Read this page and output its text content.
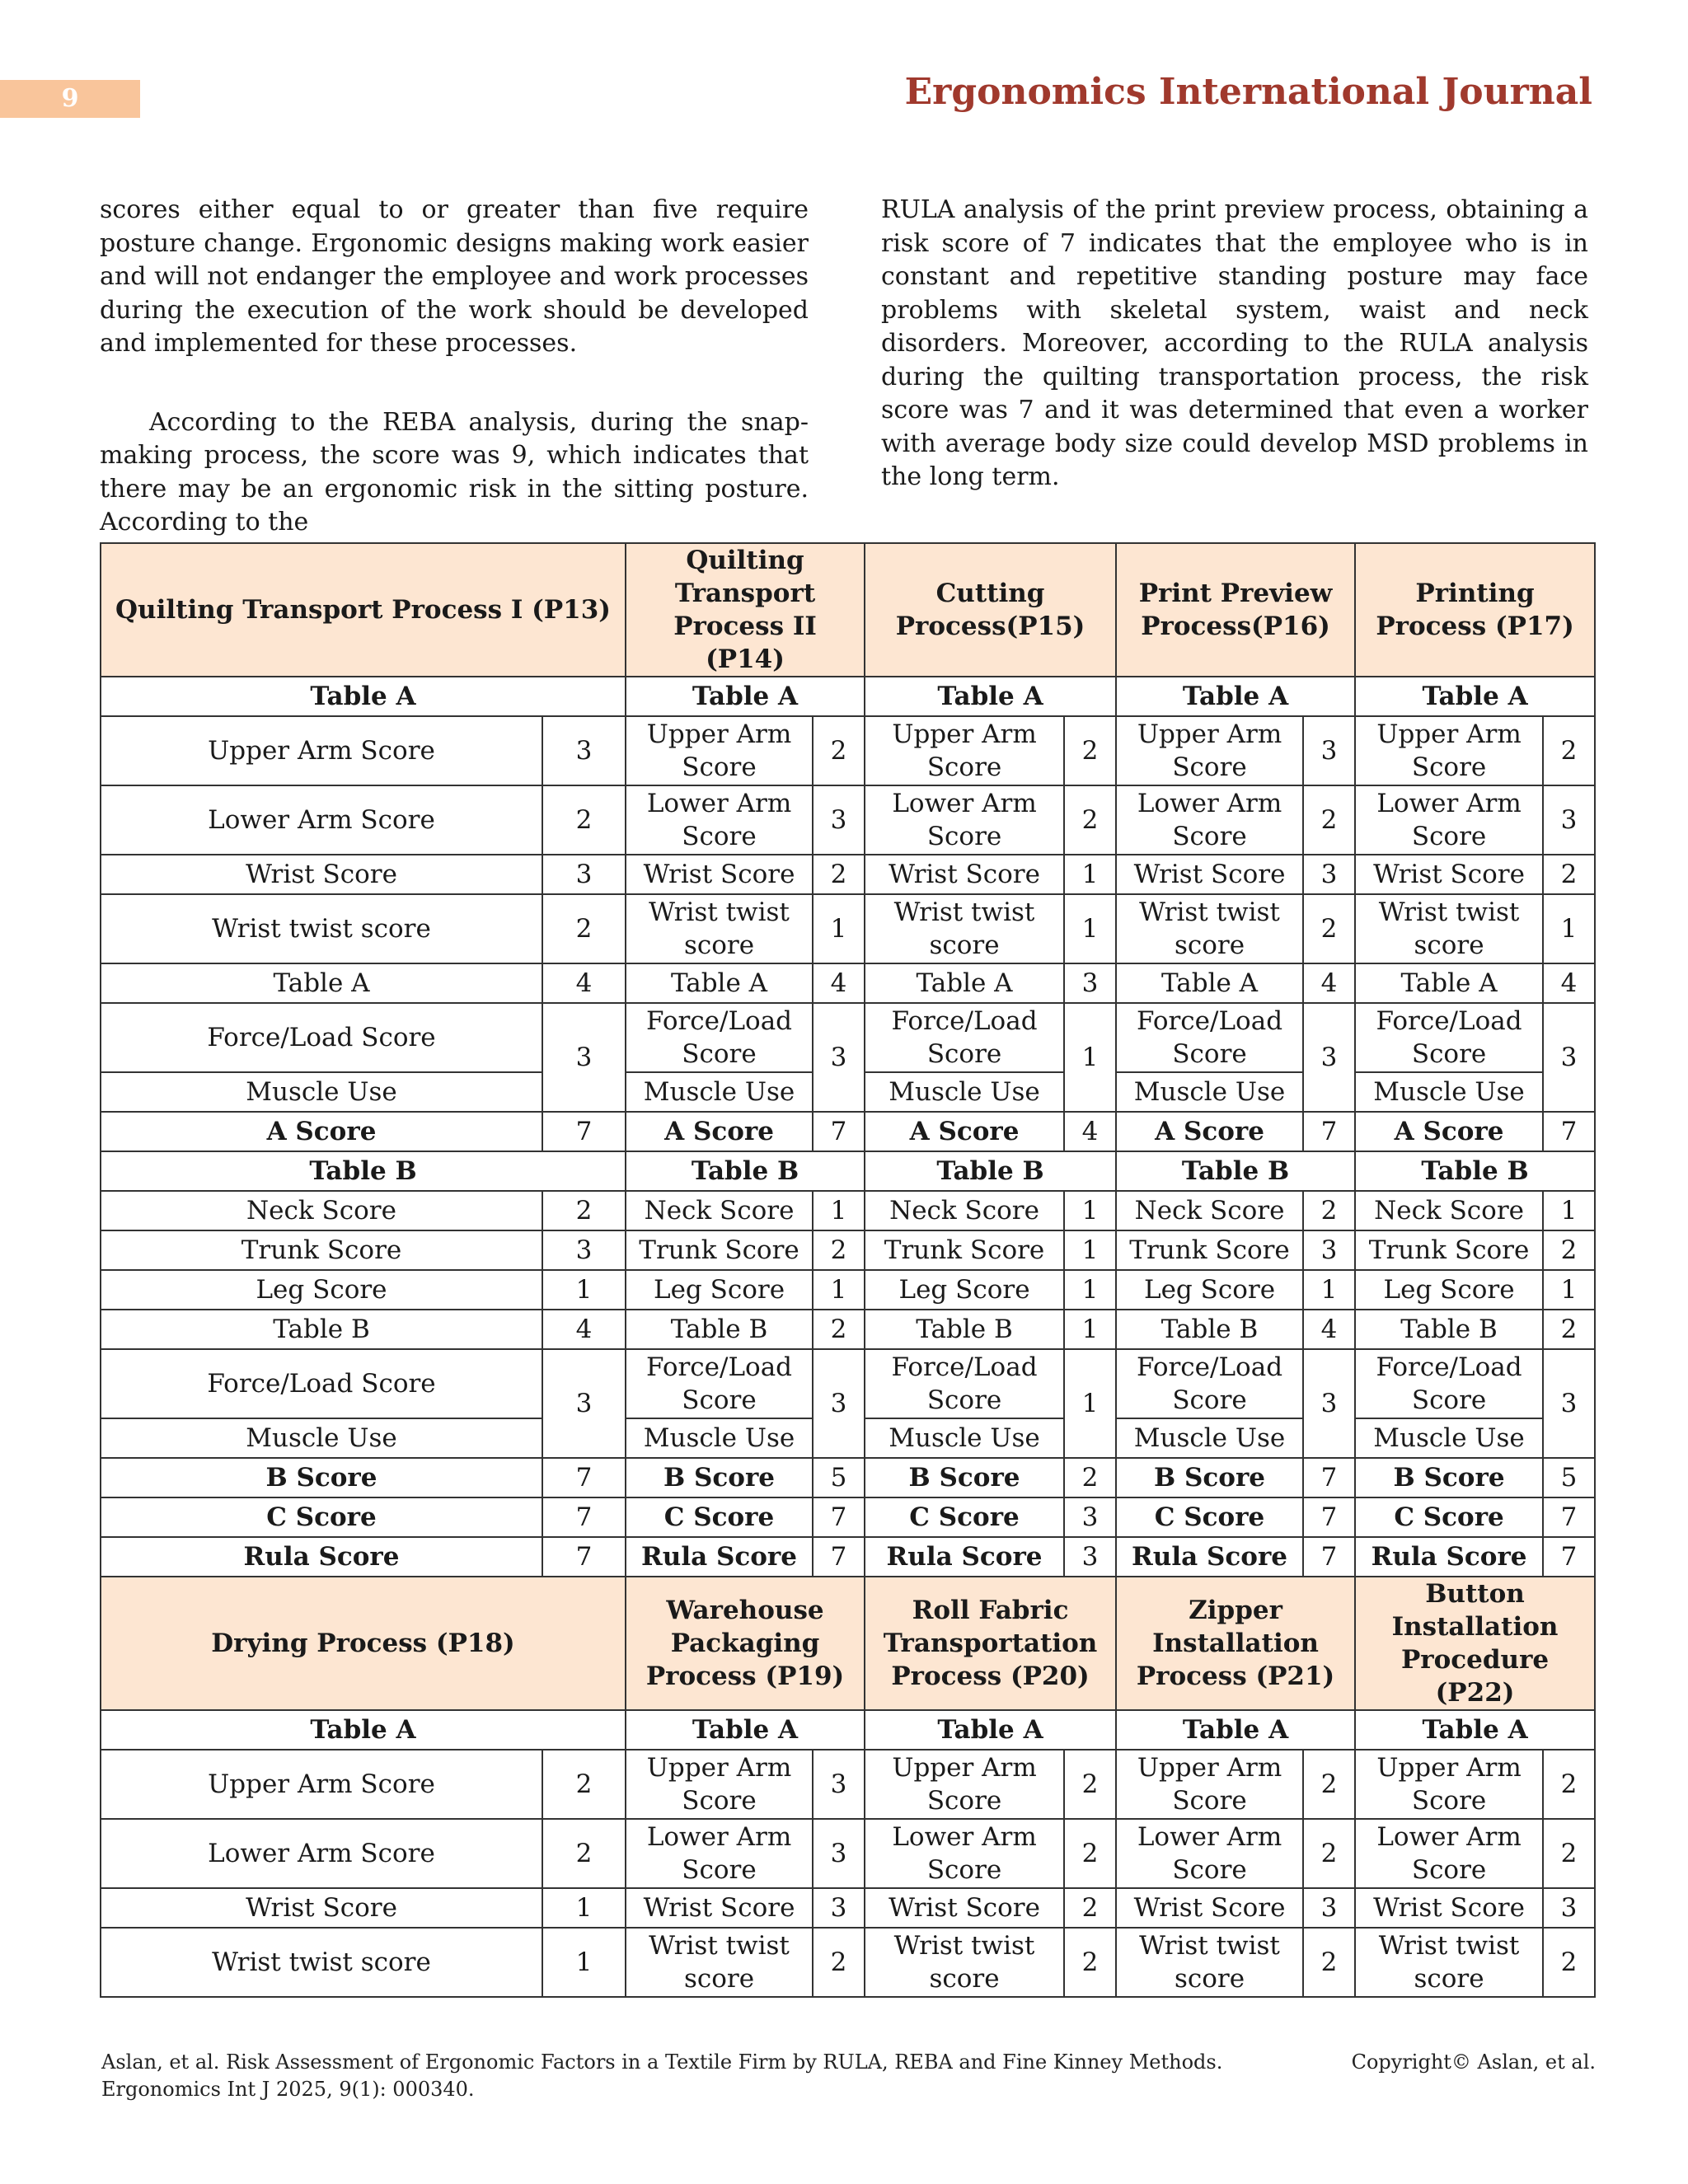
9	Ergonomics International Journal

scores either equal to or greater than five require posture change. Ergonomic designs making work easier and will not endanger the employee and work processes during the execution of the work should be developed and implemented for these processes.

According to the REBA analysis, during the snap-making process, the score was 9, which indicates that there may be an ergonomic risk in the sitting posture. According to the

RULA analysis of the print preview process, obtaining a risk score of 7 indicates that the employee who is in constant and repetitive standing posture may face problems with skeletal system, waist and neck disorders. Moreover, according to the RULA analysis during the quilting transportation process, the risk score was 7 and it was determined that even a worker with average body size could develop MSD problems in the long term.

Quilting Transport Process I (P13)		Quilting Transport Process II (P14)		Cutting Process(P15)		Print Preview Process(P16)		Printing Process (P17)	
Table A		Table A		Table A		Table A		Table A	
Upper Arm Score	3	Upper Arm Score	2	Upper Arm Score	2	Upper Arm Score	3	Upper Arm Score	2
Lower Arm Score	2	Lower Arm Score	3	Lower Arm Score	2	Lower Arm Score	2	Lower Arm Score	3
Wrist Score	3	Wrist Score	2	Wrist Score	1	Wrist Score	3	Wrist Score	2
Wrist twist score	2	Wrist twist score	1	Wrist twist score	1	Wrist twist score	2	Wrist twist score	1
Table A	4	Table A	4	Table A	3	Table A	4	Table A	4
Force/Load Score	3	Force/Load Score	3	Force/Load Score	1	Force/Load Score	3	Force/Load Score	3
Muscle Use		Muscle Use		Muscle Use		Muscle Use		Muscle Use	
A Score	7	A Score	7	A Score	4	A Score	7	A Score	7
Table B		Table B		Table B		Table B		Table B	
Neck Score	2	Neck Score	1	Neck Score	1	Neck Score	2	Neck Score	1
Trunk Score	3	Trunk Score	2	Trunk Score	1	Trunk Score	3	Trunk Score	2
Leg Score	1	Leg Score	1	Leg Score	1	Leg Score	1	Leg Score	1
Table B	4	Table B	2	Table B	1	Table B	4	Table B	2
Force/Load Score	3	Force/Load Score	3	Force/Load Score	1	Force/Load Score	3	Force/Load Score	3
Muscle Use		Muscle Use		Muscle Use		Muscle Use		Muscle Use	
B Score	7	B Score	5	B Score	2	B Score	7	B Score	5
C Score	7	C Score	7	C Score	3	C Score	7	C Score	7
Rula Score	7	Rula Score	7	Rula Score	3	Rula Score	7	Rula Score	7
Drying Process (P18)		Warehouse Packaging Process (P19)		Roll Fabric Transportation Process (P20)		Zipper Installation Process (P21)		Button Installation Procedure (P22)	
Table A		Table A		Table A		Table A		Table A	
Upper Arm Score	2	Upper Arm Score	3	Upper Arm Score	2	Upper Arm Score	2	Upper Arm Score	2
Lower Arm Score	2	Lower Arm Score	3	Lower Arm Score	2	Lower Arm Score	2	Lower Arm Score	2
Wrist Score	1	Wrist Score	3	Wrist Score	2	Wrist Score	3	Wrist Score	3
Wrist twist score	1	Wrist twist score	2	Wrist twist score	2	Wrist twist score	2	Wrist twist score	2
Aslan, et al. Risk Assessment of Ergonomic Factors in a Textile Firm by RULA, REBA and Fine Kinney Methods.
Ergonomics Int J 2025, 9(1): 000340.
Copyright© Aslan, et al.
